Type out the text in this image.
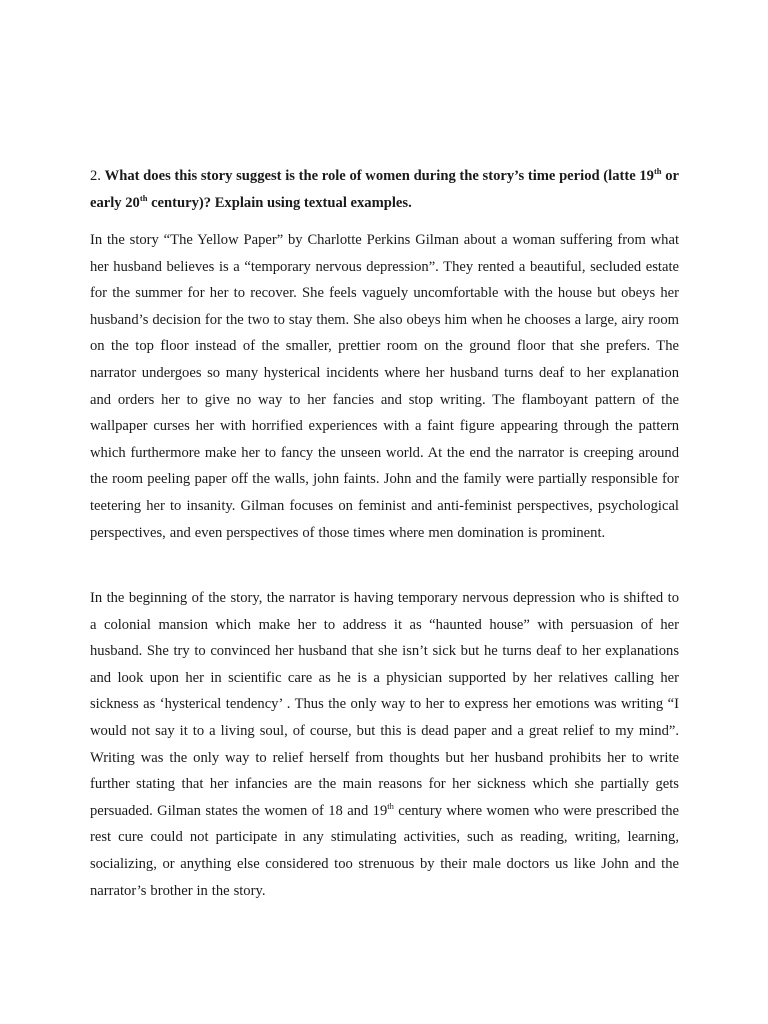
2. What does this story suggest is the role of women during the story’s time period (latte 19th or early 20th century)? Explain using textual examples.

In the story “The Yellow Paper” by Charlotte Perkins Gilman about a woman suffering from what her husband believes is a “temporary nervous depression”. They rented a beautiful, secluded estate for the summer for her to recover. She feels vaguely uncomfortable with the house but obeys her husband’s decision for the two to stay them. She also obeys him when he chooses a large, airy room on the top floor instead of the smaller, prettier room on the ground floor that she prefers. The narrator undergoes so many hysterical incidents where her husband turns deaf to her explanation and orders her to give no way to her fancies and stop writing. The flamboyant pattern of the wallpaper curses her with horrified experiences with a faint figure appearing through the pattern which furthermore make her to fancy the unseen world. At the end the narrator is creeping around the room peeling paper off the walls, john faints. John and the family were partially responsible for teetering her to insanity. Gilman focuses on feminist and anti-feminist perspectives, psychological perspectives, and even perspectives of those times where men domination is prominent.

In the beginning of the story, the narrator is having temporary nervous depression who is shifted to a colonial mansion which make her to address it as “haunted house” with persuasion of her husband. She try to convinced her husband that she isn’t sick but he turns deaf to her explanations and look upon her in scientific care as he is a physician supported by her relatives calling her sickness as ‘hysterical tendency’ . Thus the only way to her to express her emotions was writing “I would not say it to a living soul, of course, but this is dead paper and a great relief to my mind”. Writing was the only way to relief herself from thoughts but her husband prohibits her to write further stating that her infancies are the main reasons for her sickness which she partially gets persuaded. Gilman states the women of 18 and 19th century where women who were prescribed the rest cure could not participate in any stimulating activities, such as reading, writing, learning, socializing, or anything else considered too strenuous by their male doctors us like John and the narrator’s brother in the story.
